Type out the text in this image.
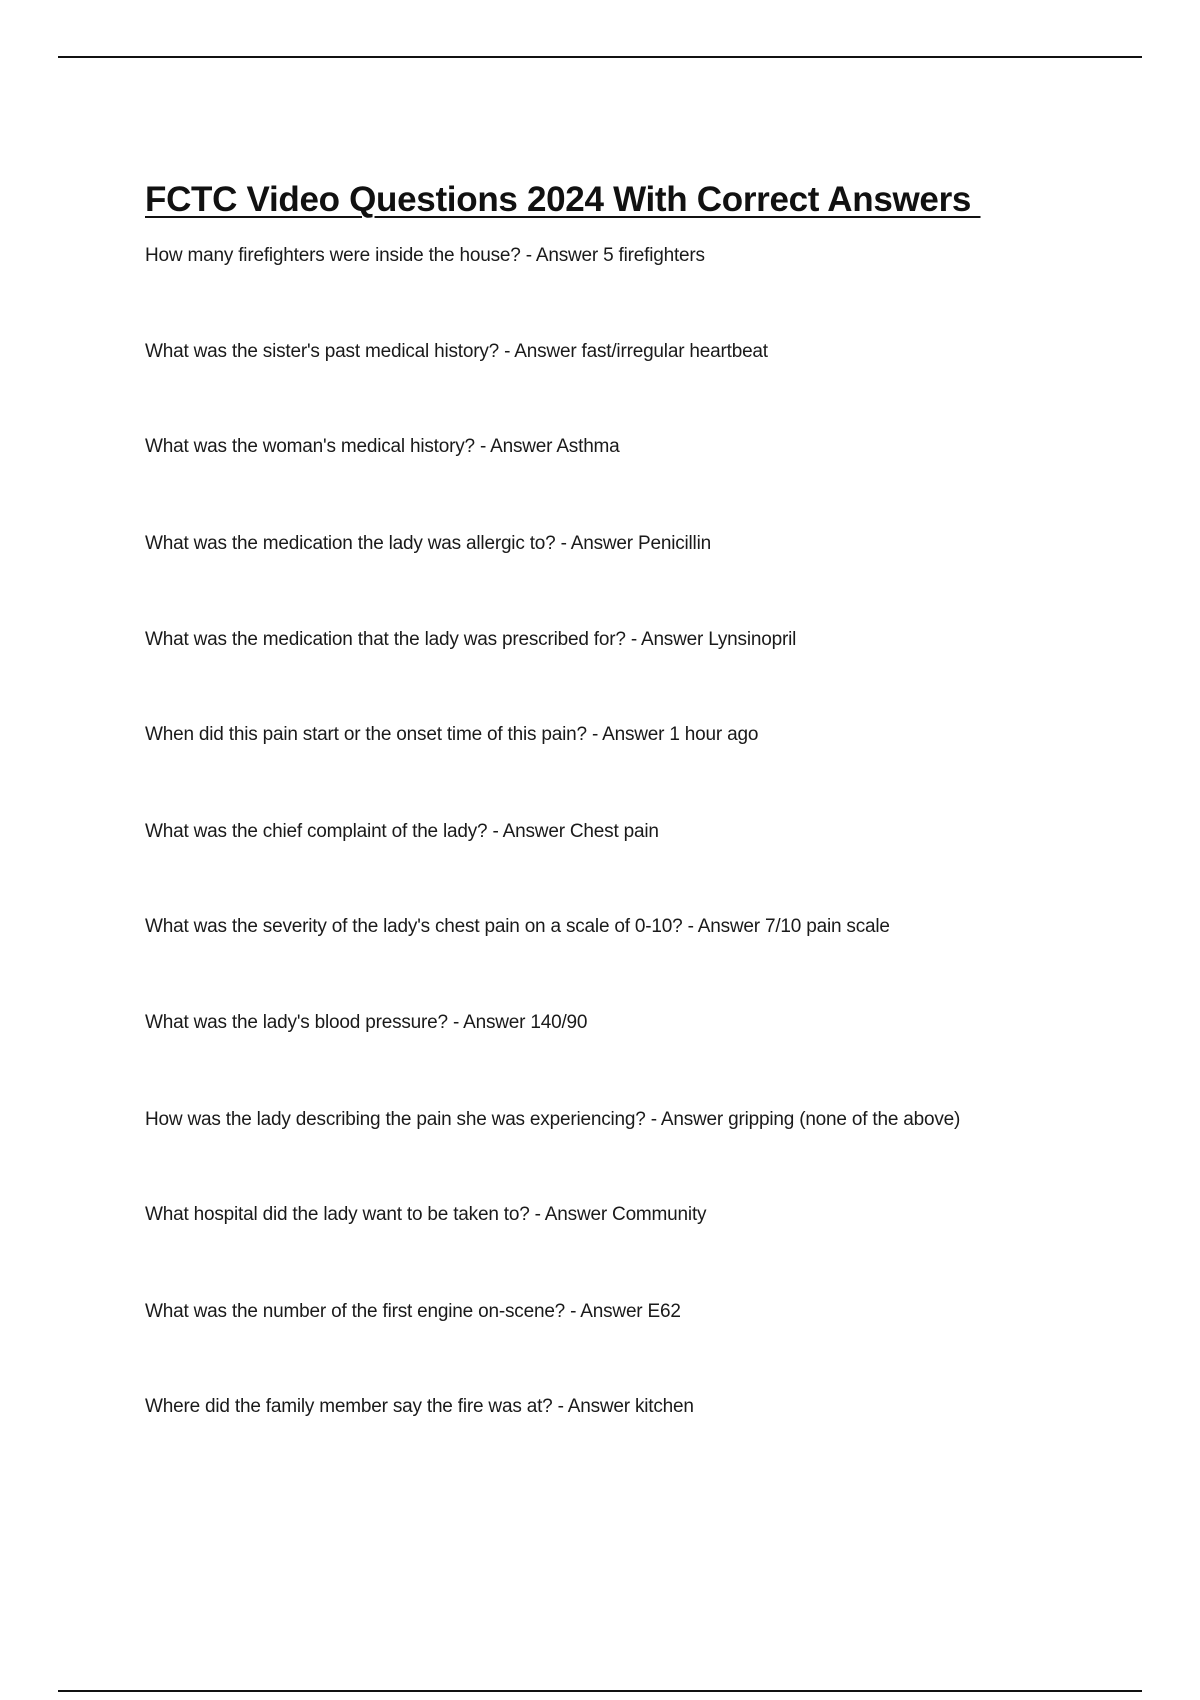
FCTC Video Questions 2024 With Correct Answers
How many firefighters were inside the house? - Answer 5 firefighters
What was the sister's past medical history? - Answer fast/irregular heartbeat
What was the woman's medical history? - Answer Asthma
What was the medication the lady was allergic to? - Answer Penicillin
What was the medication that the lady was prescribed for? - Answer Lynsinopril
When did this pain start or the onset time of this pain? - Answer 1 hour ago
What was the chief complaint of the lady? - Answer Chest pain
What was the severity of the lady's chest pain on a scale of 0-10? - Answer 7/10 pain scale
What was the lady's blood pressure? - Answer 140/90
How was the lady describing the pain she was experiencing? - Answer gripping (none of the above)
What hospital did the lady want to be taken to? - Answer Community
What was the number of the first engine on-scene? - Answer E62
Where did the family member say the fire was at? - Answer kitchen
